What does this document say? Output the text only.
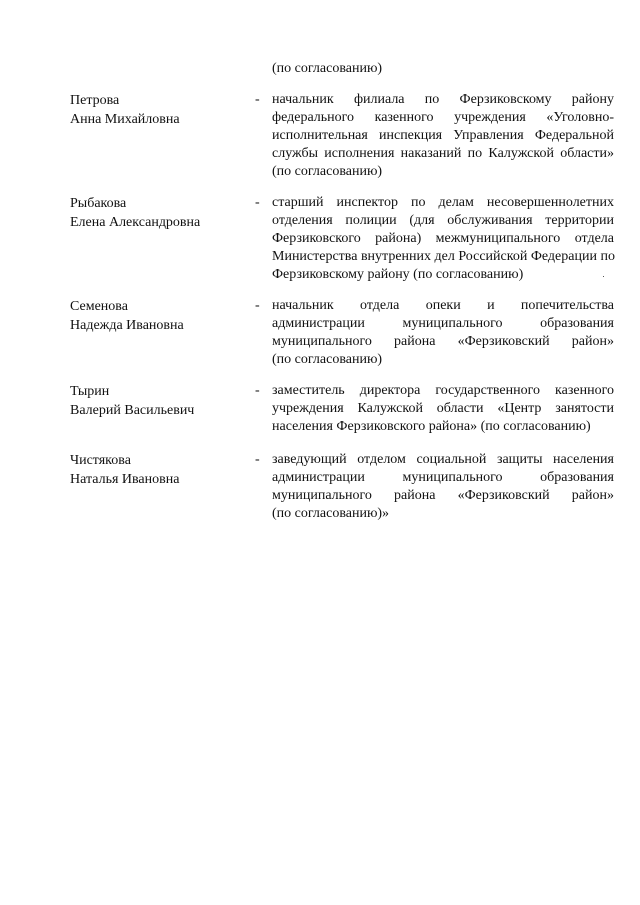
(по согласованию)
Петрова
Анна Михайловна
- начальник филиала по Ферзиковскому району
федерального казенного учреждения «Уголовно-
исполнительная инспекция Управления Федеральной
службы исполнения наказаний по Калужской области»
(по согласованию)
Рыбакова
Елена Александровна
- старший инспектор по делам несовершеннолетних
отделения полиции (для обслуживания территории
Ферзиковского района) межмуниципального отдела
Министерства внутренних дел Российской Федерации по
Ферзиковскому району (по согласованию)
Семенова
Надежда Ивановна
- начальник отдела опеки и попечительства
администрации муниципального образования
муниципального района «Ферзиковский район»
(по согласованию)
Тырин
Валерий Васильевич
- заместитель директора государственного казенного
учреждения Калужской области «Центр занятости
населения Ферзиковского района» (по согласованию)
Чистякова
Наталья Ивановна
- заведующий отделом социальной защиты населения
администрации муниципального образования
муниципального района «Ферзиковский район»
(по согласованию)»
